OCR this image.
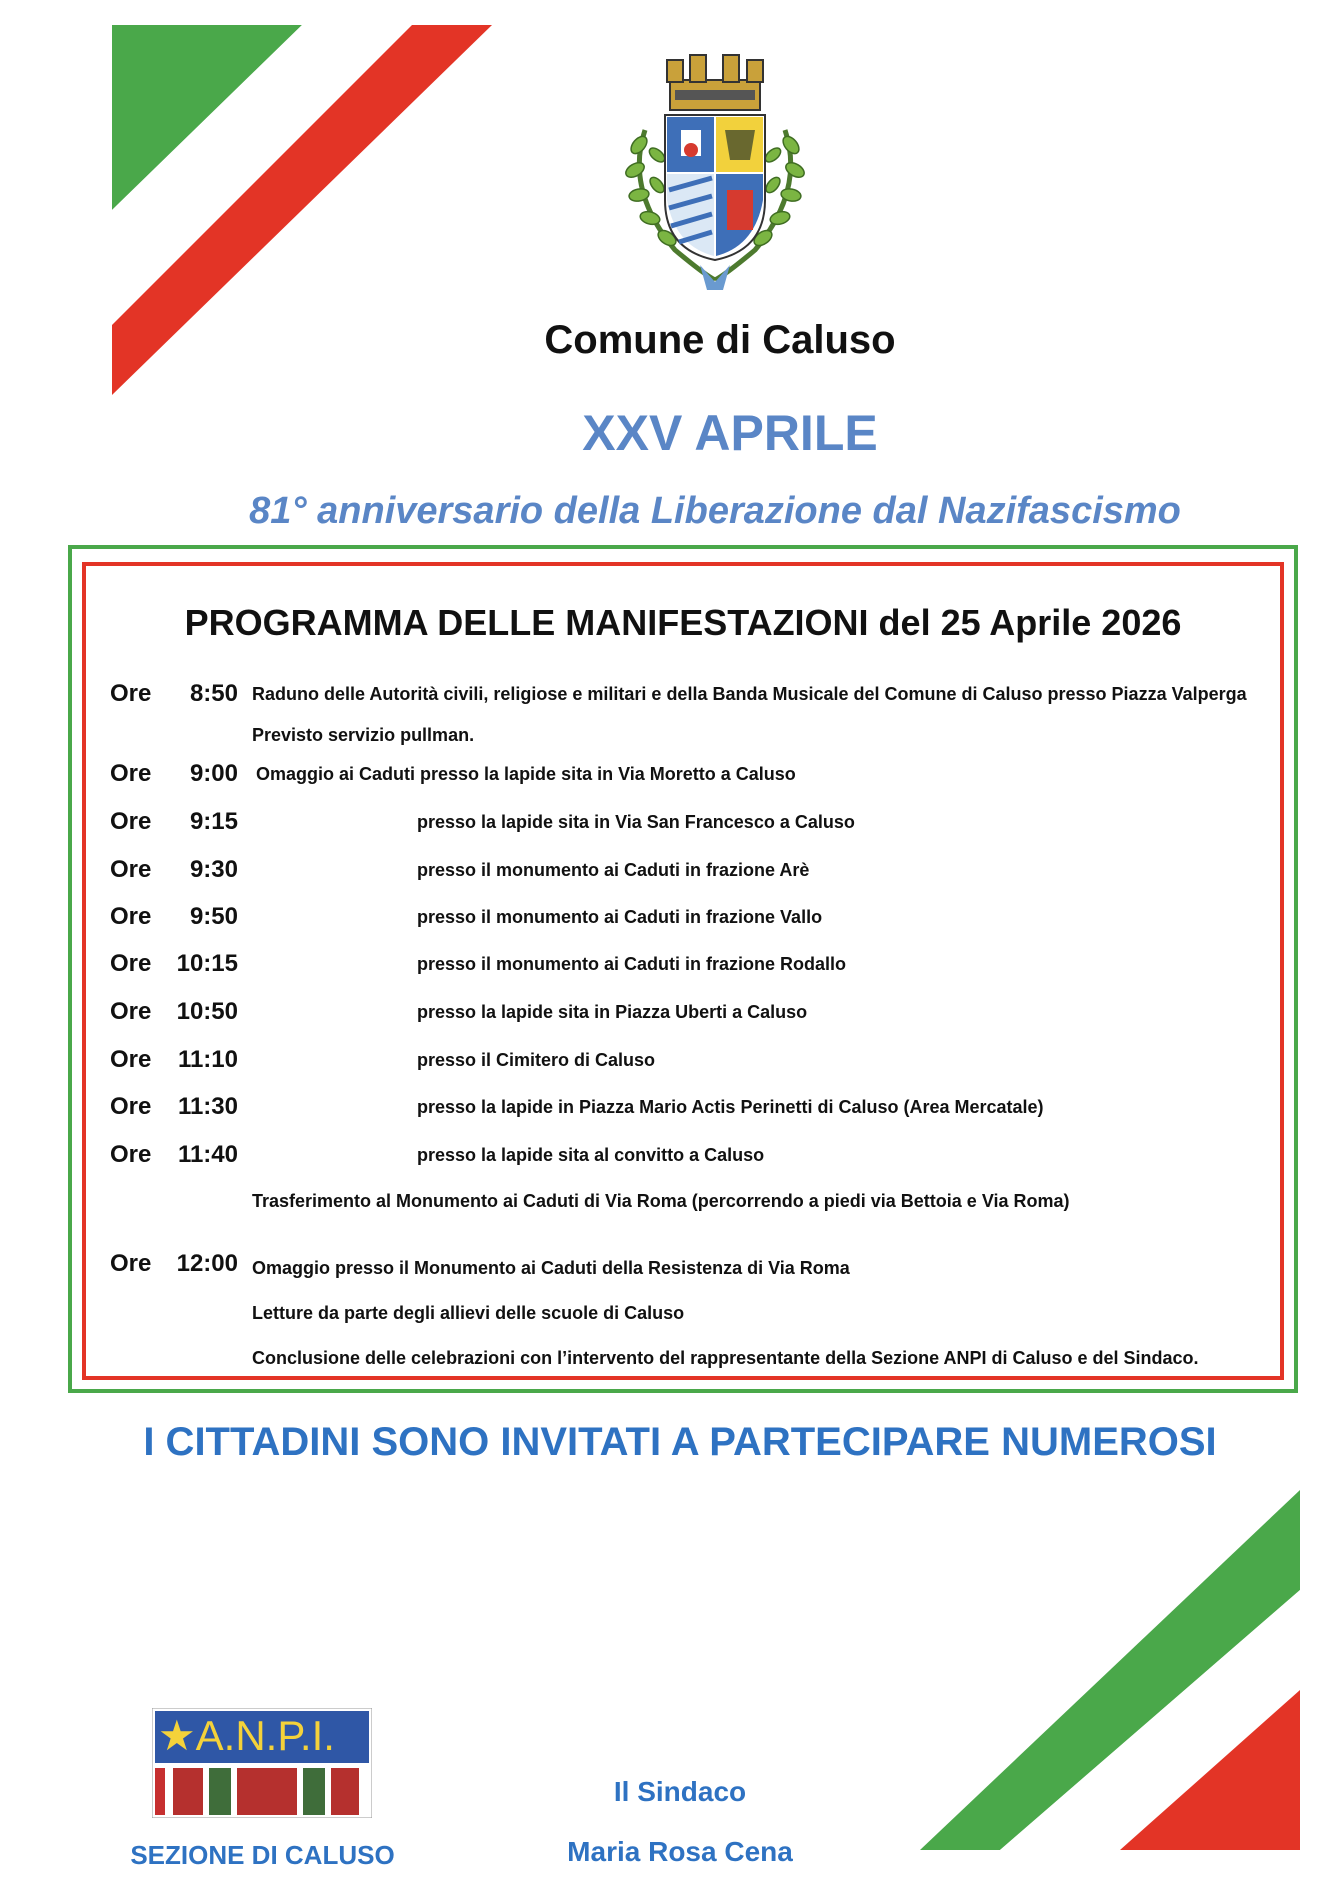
Comune di Caluso
XXV APRILE
81° anniversario della Liberazione dal Nazifascismo
PROGRAMMA DELLE MANIFESTAZIONI del 25 Aprile 2026
Ore	8:50 Raduno delle Autorità civili, religiose e militari e della Banda Musicale del Comune di Caluso presso Piazza Valperga
Previsto servizio pullman.
Ore	9:00 Omaggio ai Caduti presso la lapide sita in Via Moretto a Caluso
Ore	9:15	presso la lapide sita in Via San Francesco a Caluso
Ore	9:30	presso il monumento ai Caduti in frazione Arè
Ore	9:50	presso il monumento ai Caduti in frazione Vallo
Ore	10:15	presso il monumento ai Caduti in frazione Rodallo
Ore	10:50	presso la lapide sita in Piazza Uberti a Caluso
Ore	11:10	presso il Cimitero di Caluso
Ore	11:30	presso la lapide in Piazza Mario Actis Perinetti di Caluso (Area Mercatale)
Ore	11:40	presso la lapide sita al convitto a Caluso
Trasferimento al Monumento ai Caduti di Via Roma (percorrendo a piedi via Bettoia e Via Roma)
Ore	12:00 Omaggio presso il Monumento ai Caduti della Resistenza di Via Roma
Letture da parte degli allievi delle scuole di Caluso
Conclusione delle celebrazioni con l’intervento del rappresentante della Sezione ANPI di Caluso e del Sindaco.
I CITTADINI SONO INVITATI A PARTECIPARE NUMEROSI
★A.N.P.I.
SEZIONE DI CALUSO
Il Sindaco
Maria Rosa Cena
